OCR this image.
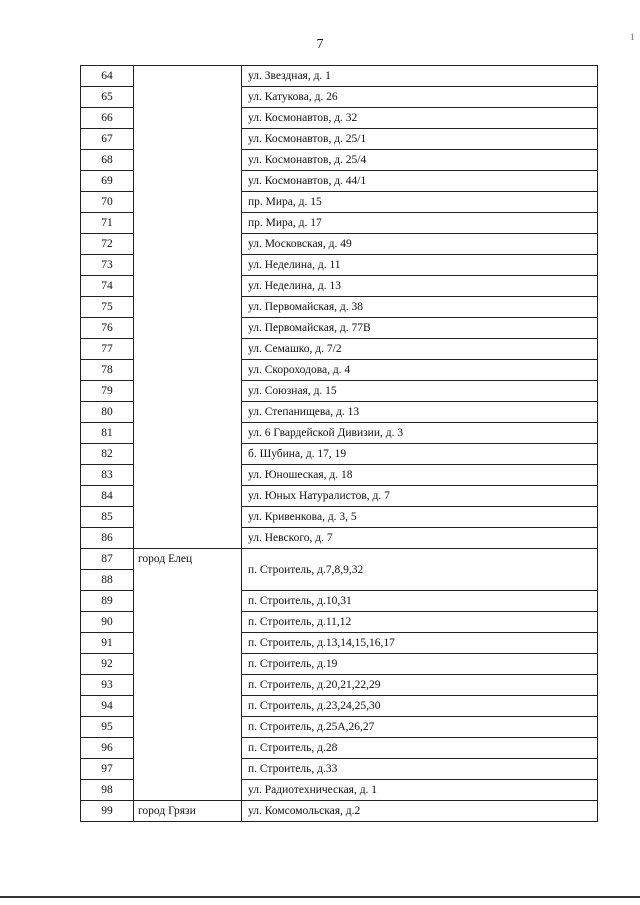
7	1
64		ул. Звездная, д. 1
65		ул. Катукова, д. 26
66		ул. Космонавтов, д. 32
67		ул. Космонавтов, д. 25/1
68		ул. Космонавтов, д. 25/4
69		ул. Космонавтов, д. 44/1
70		пр. Мира, д. 15
71		пр. Мира, д. 17
72		ул. Московская, д. 49
73		ул. Неделина, д. 11
74		ул. Неделина, д. 13
75		ул. Первомайская, д. 38
76		ул. Первомайская, д. 77В
77		ул. Семашко, д. 7/2
78		ул. Скороходова, д. 4
79		ул. Союзная, д. 15
80		ул. Степанищева, д. 13
81		ул. 6 Гвардейской Дивизии, д. 3
82		б. Шубина, д. 17, 19
83		ул. Юношеская, д. 18
84		ул. Юных Натуралистов, д. 7
85		ул. Кривенкова, д. 3, 5
86		ул. Невского, д. 7
87	город Елец	п. Строитель, д.7,8,9,32
88		
89		п. Строитель, д.10,31
90		п. Строитель, д.11,12
91		п. Строитель, д.13,14,15,16,17
92		п. Строитель, д.19
93		п. Строитель, д.20,21,22,29
94		п. Строитель, д.23,24,25,30
95		п. Строитель, д.25А,26,27
96		п. Строитель, д.28
97		п. Строитель, д.33
98		ул. Радиотехническая, д. 1
99	город Грязи	ул. Комсомольская, д.2
